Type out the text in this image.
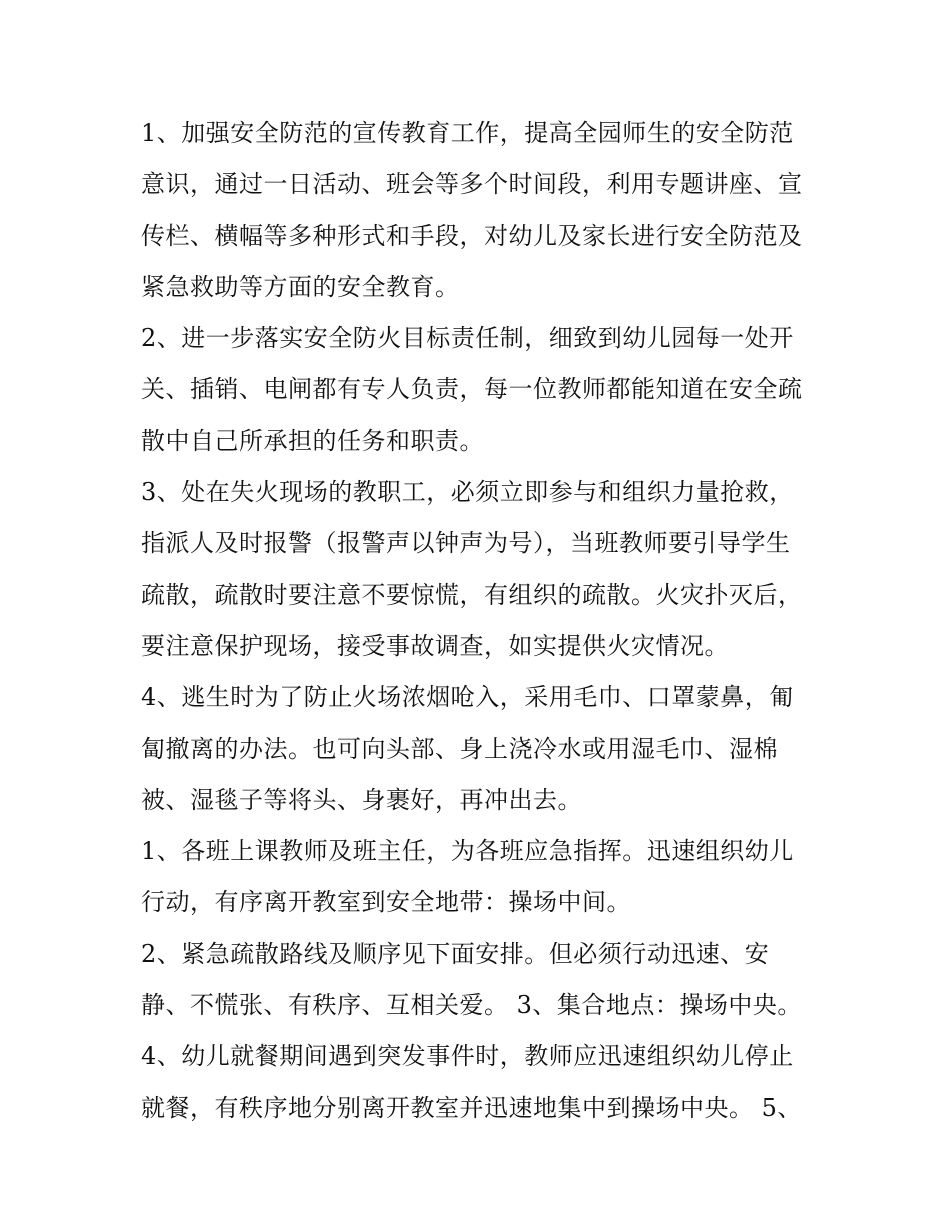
1、加强安全防范的宣传教育工作，提高全园师生的安全防范
意识，通过一日活动、班会等多个时间段，利用专题讲座、宣
传栏、横幅等多种形式和手段，对幼儿及家长进行安全防范及
紧急救助等方面的安全教育。
2、进一步落实安全防火目标责任制，细致到幼儿园每一处开
关、插销、电闸都有专人负责，每一位教师都能知道在安全疏
散中自己所承担的任务和职责。
3、处在失火现场的教职工，必须立即参与和组织力量抢救，
指派人及时报警（报警声以钟声为号），当班教师要引导学生
疏散，疏散时要注意不要惊慌，有组织的疏散。火灾扑灭后，
要注意保护现场，接受事故调查，如实提供火灾情况。
4、逃生时为了防止火场浓烟呛入，采用毛巾、口罩蒙鼻，匍
匐撤离的办法。也可向头部、身上浇冷水或用湿毛巾、湿棉
被、湿毯子等将头、身裹好，再冲出去。
1、各班上课教师及班主任，为各班应急指挥。迅速组织幼儿
行动，有序离开教室到安全地带：操场中间。
2、紧急疏散路线及顺序见下面安排。但必须行动迅速、安
静、不慌张、有秩序、互相关爱。 3、集合地点：操场中央。
4、幼儿就餐期间遇到突发事件时，教师应迅速组织幼儿停止
就餐，有秩序地分别离开教室并迅速地集中到操场中央。 5、
